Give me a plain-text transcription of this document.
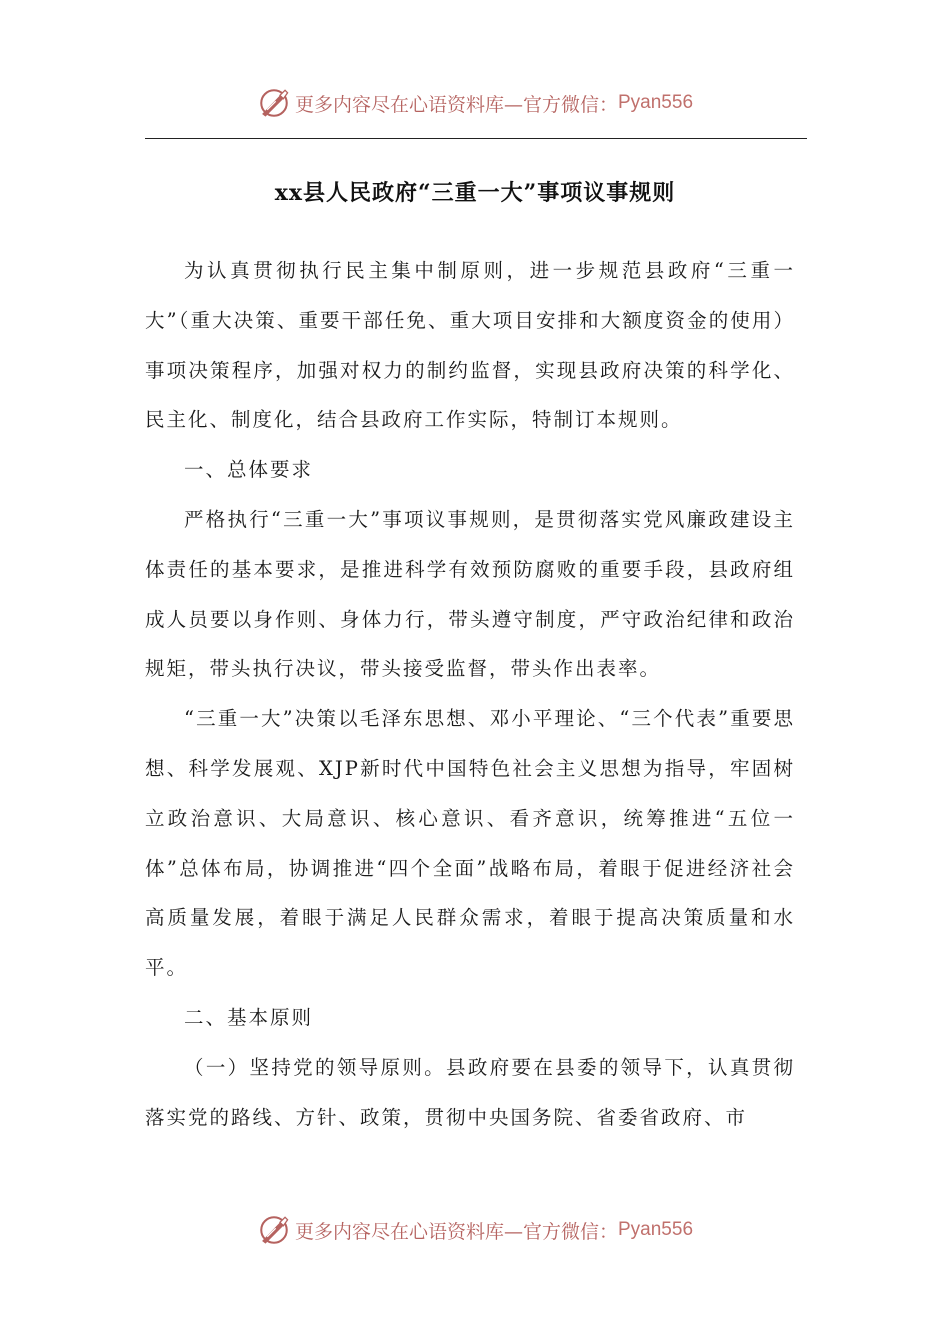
更多内容尽在心语资料库—官方微信： Pyan556
xx县人民政府“三重一大”事项议事规则

为认真贯彻执行民主集中制原则，进一步规范县政府“三重一大”（重大决策、重要干部任免、重大项目安排和大额度资金的使用）事项决策程序，加强对权力的制约监督，实现县政府决策的科学化、民主化、制度化，结合县政府工作实际，特制订本规则。

一、总体要求

严格执行“三重一大”事项议事规则，是贯彻落实党风廉政建设主体责任的基本要求，是推进科学有效预防腐败的重要手段，县政府组成人员要以身作则、身体力行，带头遵守制度，严守政治纪律和政治规矩，带头执行决议，带头接受监督，带头作出表率。

“三重一大”决策以毛泽东思想、邓小平理论、“三个代表”重要思想、科学发展观、XJP新时代中国特色社会主义思想为指导，牢固树立政治意识、大局意识、核心意识、看齐意识，统筹推进“五位一体”总体布局，协调推进“四个全面”战略布局，着眼于促进经济社会高质量发展，着眼于满足人民群众需求，着眼于提高决策质量和水平。

二、基本原则

（一）坚持党的领导原则。县政府要在县委的领导下，认真贯彻落实党的路线、方针、政策，贯彻中央国务院、省委省政府、市

更多内容尽在心语资料库—官方微信： Pyan556
